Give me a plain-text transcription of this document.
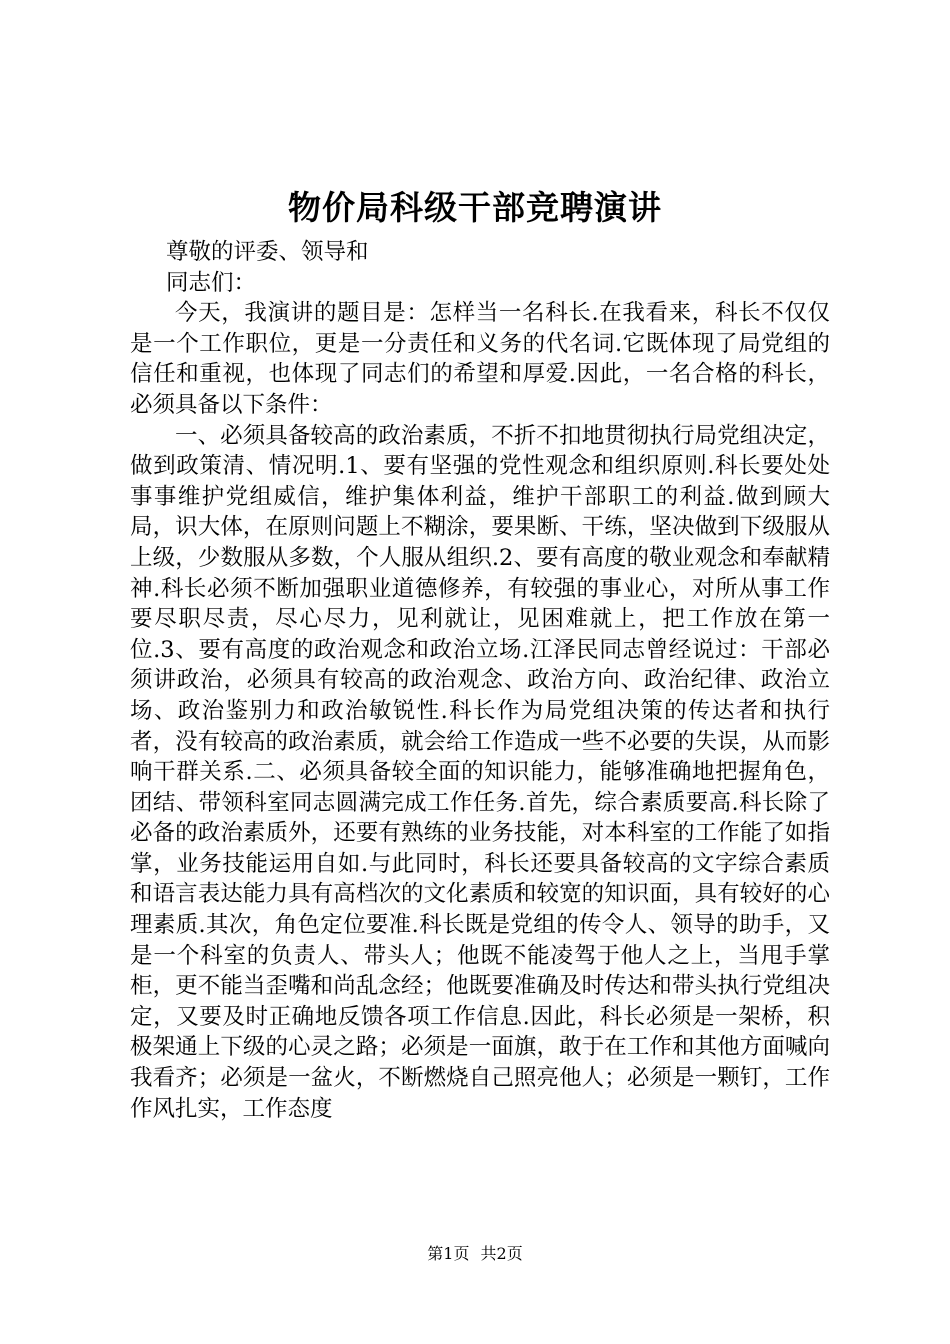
物价局科级干部竞聘演讲

尊敬的评委、领导和

同志们：

今天，我演讲的题目是：怎样当一名科长.在我看来，科长不仅仅是一个工作职位，更是一分责任和义务的代名词.它既体现了局党组的信任和重视，也体现了同志们的希望和厚爱.因此，一名合格的科长，必须具备以下条件：

一、必须具备较高的政治素质，不折不扣地贯彻执行局党组决定，做到政策清、情况明.1、要有坚强的党性观念和组织原则.科长要处处事事维护党组威信，维护集体利益，维护干部职工的利益.做到顾大局，识大体，在原则问题上不糊涂，要果断、干练，坚决做到下级服从上级，少数服从多数，个人服从组织.2、要有高度的敬业观念和奉献精神.科长必须不断加强职业道德修养，有较强的事业心，对所从事工作要尽职尽责，尽心尽力，见利就让，见困难就上，把工作放在第一位.3、要有高度的政治观念和政治立场.江泽民同志曾经说过：干部必须讲政治，必须具有较高的政治观念、政治方向、政治纪律、政治立场、政治鉴别力和政治敏锐性.科长作为局党组决策的传达者和执行者，没有较高的政治素质，就会给工作造成一些不必要的失误，从而影响干群关系.二、必须具备较全面的知识能力，能够准确地把握角色，团结、带领科室同志圆满完成工作任务.首先，综合素质要高.科长除了必备的政治素质外，还要有熟练的业务技能，对本科室的工作能了如指掌，业务技能运用自如.与此同时，科长还要具备较高的文字综合素质和语言表达能力具有高档次的文化素质和较宽的知识面，具有较好的心理素质.其次，角色定位要准.科长既是党组的传令人、领导的助手，又是一个科室的负责人、带头人；他既不能凌驾于他人之上，当甩手掌柜，更不能当歪嘴和尚乱念经；他既要准确及时传达和带头执行党组决定，又要及时正确地反馈各项工作信息.因此，科长必须是一架桥，积极架通上下级的心灵之路；必须是一面旗，敢于在工作和其他方面喊向我看齐；必须是一盆火，不断燃烧自己照亮他人；必须是一颗钉，工作作风扎实，工作态度

第1页 共2页
